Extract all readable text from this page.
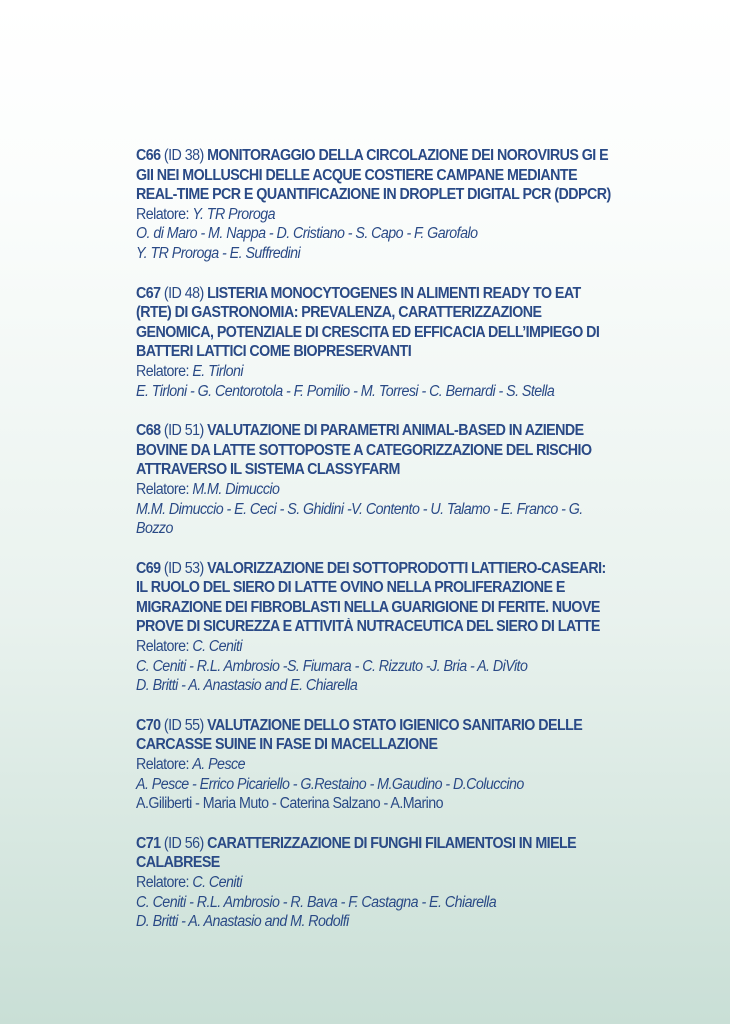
C66 (ID 38) MONITORAGGIO DELLA CIRCOLAZIONE DEI NOROVIRUS GI E
GII NEI MOLLUSCHI DELLE ACQUE COSTIERE CAMPANE MEDIANTE
REAL-TIME PCR E QUANTIFICAZIONE IN DROPLET DIGITAL PCR (DDPCR)
Relatore: Y. TR Proroga
O. di Maro - M. Nappa - D. Cristiano - S. Capo - F. Garofalo
Y. TR Proroga - E. Suffredini
C67 (ID 48) LISTERIA MONOCYTOGENES IN ALIMENTI READY TO EAT
(RTE) DI GASTRONOMIA: PREVALENZA, CARATTERIZZAZIONE
GENOMICA, POTENZIALE DI CRESCITA ED EFFICACIA DELL’IMPIEGO DI
BATTERI LATTICI COME BIOPRESERVANTI
Relatore: E. Tirloni
E. Tirloni - G. Centorotola - F. Pomilio - M. Torresi - C. Bernardi - S. Stella
C68 (ID 51) VALUTAZIONE DI PARAMETRI ANIMAL-BASED IN AZIENDE
BOVINE DA LATTE SOTTOPOSTE A CATEGORIZZAZIONE DEL RISCHIO
ATTRAVERSO IL SISTEMA CLASSYFARM
Relatore: M.M. Dimuccio
M.M. Dimuccio - E. Ceci - S. Ghidini -V. Contento - U. Talamo - E. Franco - G.
Bozzo
C69 (ID 53) VALORIZZAZIONE DEI SOTTOPRODOTTI LATTIERO-CASEARI:
IL RUOLO DEL SIERO DI LATTE OVINO NELLA PROLIFERAZIONE E
MIGRAZIONE DEI FIBROBLASTI NELLA GUARIGIONE DI FERITE. NUOVE
PROVE DI SICUREZZA E ATTIVITÀ NUTRACEUTICA DEL SIERO DI LATTE
Relatore: C. Ceniti
C. Ceniti - R.L. Ambrosio -S. Fiumara - C. Rizzuto -J. Bria - A. DiVito
D. Britti - A. Anastasio and E. Chiarella
C70 (ID 55) VALUTAZIONE DELLO STATO IGIENICO SANITARIO DELLE
CARCASSE SUINE IN FASE DI MACELLAZIONE
Relatore: A. Pesce
A. Pesce - Errico Picariello - G.Restaino - M.Gaudino - D.Coluccino
A.Giliberti - Maria Muto - Caterina Salzano - A.Marino
C71 (ID 56) CARATTERIZZAZIONE DI FUNGHI FILAMENTOSI IN MIELE
CALABRESE
Relatore: C. Ceniti
C. Ceniti - R.L. Ambrosio - R. Bava - F. Castagna - E. Chiarella
D. Britti - A. Anastasio and M. Rodolfi
